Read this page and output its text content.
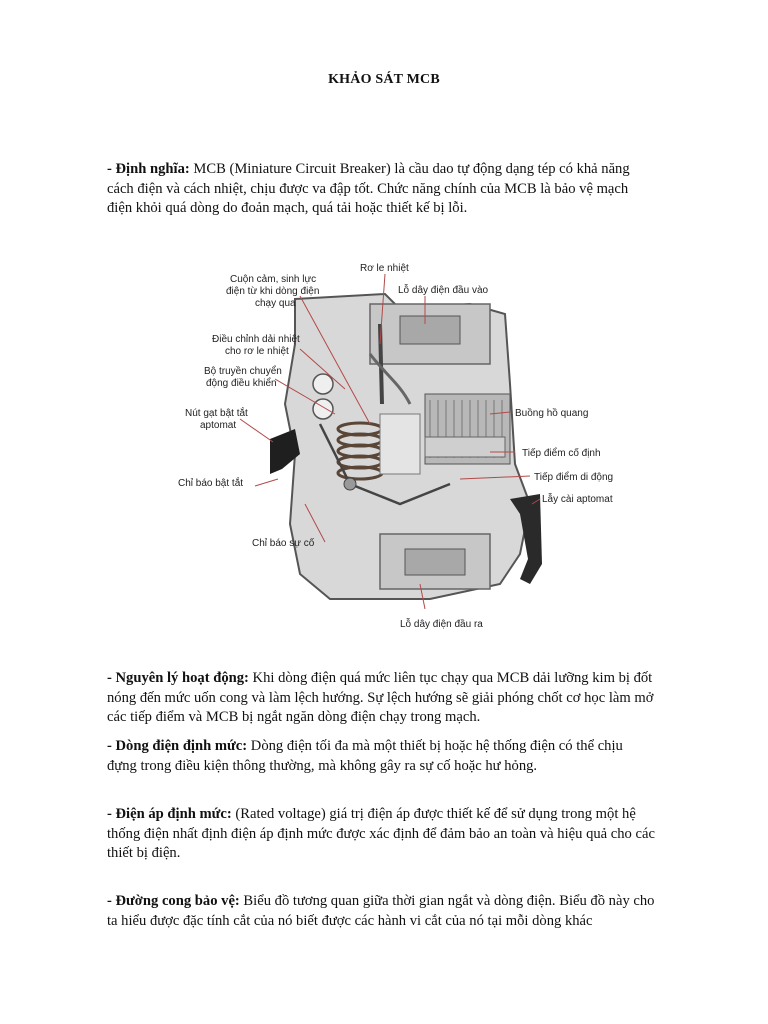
KHẢO SÁT MCB
- Định nghĩa: MCB (Miniature Circuit Breaker) là cầu dao tự động dạng tép có khả năng cách điện và cách nhiệt, chịu được va đập tốt. Chức năng chính của MCB là bảo vệ mạch điện khỏi quá dòng do đoản mạch, quá tải hoặc thiết kế bị lỗi.
Cuộn cảm, sinh lực
điện từ khi dòng điện
chạy qua
Rơ le nhiệt
Lỗ dây điện đầu vào
Điều chỉnh dải nhiệt
cho rơ le nhiệt
Bộ truyền chuyển
động điều khiển
Buồng hồ quang
Nút gạt bật tắt
aptomat
Tiếp điểm cố định
Tiếp điểm di động
Chỉ báo bật tắt
Lẫy cài aptomat
Chỉ báo sự cố
Lỗ dây điện đầu ra
- Nguyên lý hoạt động: Khi dòng điện quá mức liên tục chạy qua MCB dải lưỡng kim bị đốt nóng đến mức uốn cong và làm lệch hướng. Sự lệch hướng sẽ giải phóng chốt cơ học làm mở các tiếp điểm và MCB bị ngắt ngăn dòng điện chạy trong mạch.
- Dòng điện định mức: Dòng điện tối đa mà một thiết bị hoặc hệ thống điện có thể chịu đựng trong điều kiện thông thường, mà không gây ra sự cố hoặc hư hỏng.
- Điện áp định mức: (Rated voltage) giá trị điện áp được thiết kế để sử dụng trong một hệ thống điện nhất định điện áp định mức được xác định để đảm bảo an toàn và hiệu quả cho các thiết bị điện.
- Đường cong bảo vệ: Biểu đồ tương quan giữa thời gian ngắt và dòng điện. Biểu đồ này cho ta hiểu được đặc tính cắt của nó biết được các hành vi cắt của nó tại mỗi dòng khác
